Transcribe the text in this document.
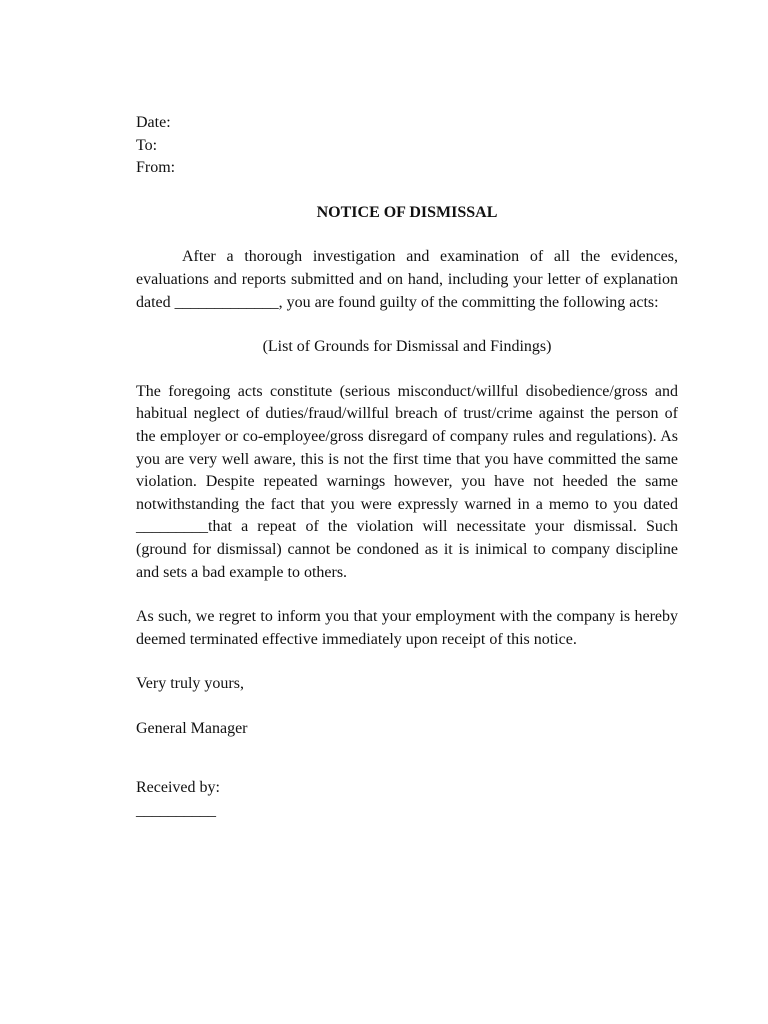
Date:
To:
From:

NOTICE OF DISMISSAL

After a thorough investigation and examination of all the evidences, evaluations and reports submitted and on hand, including your letter of explanation dated _____________, you are found guilty of the committing the following acts:

(List of Grounds for Dismissal and Findings)

The foregoing acts constitute (serious misconduct/willful disobedience/gross and habitual neglect of duties/fraud/willful breach of trust/crime against the person of the employer or co-employee/gross disregard of company rules and regulations). As you are very well aware, this is not the first time that you have committed the same violation. Despite repeated warnings however, you have not heeded the same notwithstanding the fact that you were expressly warned in a memo to you dated _________that a repeat of the violation will necessitate your dismissal. Such (ground for dismissal) cannot be condoned as it is inimical to company discipline and sets a bad example to others.

As such, we regret to inform you that your employment with the company is hereby deemed terminated effective immediately upon receipt of this notice.

Very truly yours,

General Manager

Received by:
__________
